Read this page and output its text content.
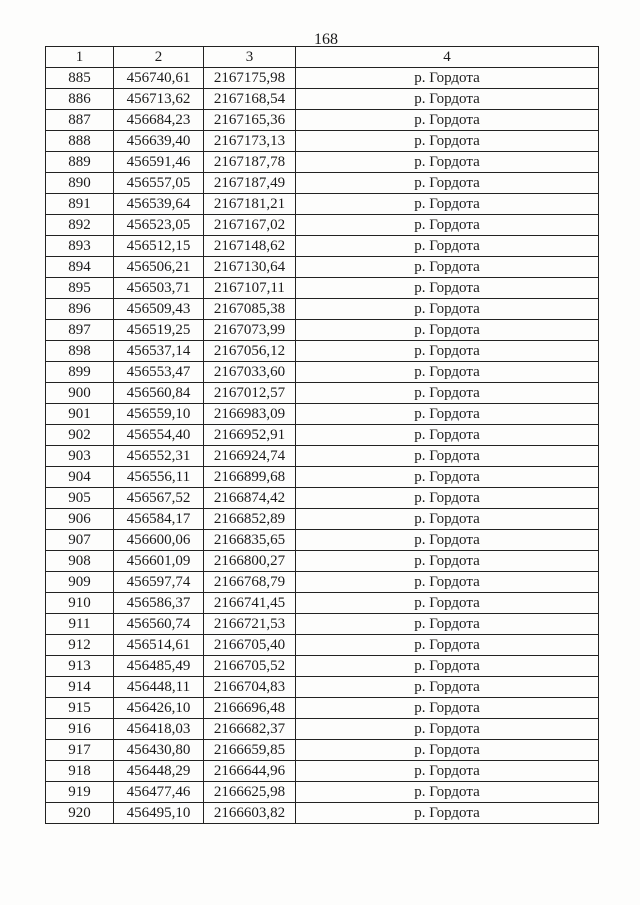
168
1	2	3	4
885	456740,61	2167175,98	р. Гордота
886	456713,62	2167168,54	р. Гордота
887	456684,23	2167165,36	р. Гордота
888	456639,40	2167173,13	р. Гордота
889	456591,46	2167187,78	р. Гордота
890	456557,05	2167187,49	р. Гордота
891	456539,64	2167181,21	р. Гордота
892	456523,05	2167167,02	р. Гордота
893	456512,15	2167148,62	р. Гордота
894	456506,21	2167130,64	р. Гордота
895	456503,71	2167107,11	р. Гордота
896	456509,43	2167085,38	р. Гордота
897	456519,25	2167073,99	р. Гордота
898	456537,14	2167056,12	р. Гордота
899	456553,47	2167033,60	р. Гордота
900	456560,84	2167012,57	р. Гордота
901	456559,10	2166983,09	р. Гордота
902	456554,40	2166952,91	р. Гордота
903	456552,31	2166924,74	р. Гордота
904	456556,11	2166899,68	р. Гордота
905	456567,52	2166874,42	р. Гордота
906	456584,17	2166852,89	р. Гордота
907	456600,06	2166835,65	р. Гордота
908	456601,09	2166800,27	р. Гордота
909	456597,74	2166768,79	р. Гордота
910	456586,37	2166741,45	р. Гордота
911	456560,74	2166721,53	р. Гордота
912	456514,61	2166705,40	р. Гордота
913	456485,49	2166705,52	р. Гордота
914	456448,11	2166704,83	р. Гордота
915	456426,10	2166696,48	р. Гордота
916	456418,03	2166682,37	р. Гордота
917	456430,80	2166659,85	р. Гордота
918	456448,29	2166644,96	р. Гордота
919	456477,46	2166625,98	р. Гордота
920	456495,10	2166603,82	р. Гордота
